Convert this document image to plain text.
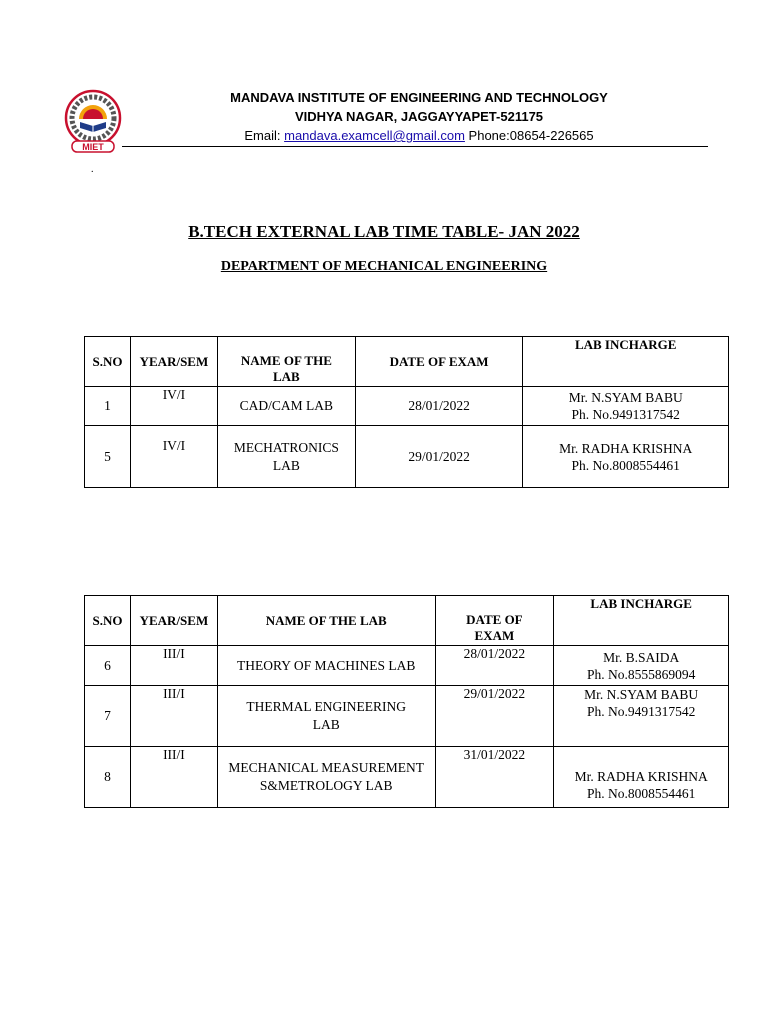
MIET
MANDAVA INSTITUTE OF ENGINEERING AND TECHNOLOGY
VIDHYA NAGAR, JAGGAYYAPET-521175
Email: mandava.examcell@gmail.com Phone:08654-226565
.
B.TECH EXTERNAL LAB TIME TABLE- JAN 2022
DEPARTMENT OF MECHANICAL ENGINEERING
S.NO	YEAR/SEM	NAME OF THE LAB	DATE OF EXAM	LAB INCHARGE
1	IV/I	CAD/CAM LAB	28/01/2022	Mr. N.SYAM BABU
Ph. No.9491317542

5	IV/I	MECHATRONICS LAB	29/01/2022	Mr. RADHA KRISHNA
Ph. No.8008554461
S.NO	YEAR/SEM	NAME OF THE LAB	DATE OF EXAM	LAB INCHARGE
6	III/I	THEORY OF MACHINES LAB	28/01/2022	Mr. B.SAIDA
Ph. No.8555869094

7	III/I	THERMAL ENGINEERING LAB	29/01/2022	Mr. N.SYAM BABU
Ph. No.9491317542

8	III/I	MECHANICAL MEASUREMENTS&METROLOGY LAB	31/01/2022	Mr. RADHA KRISHNA
Ph. No.8008554461
